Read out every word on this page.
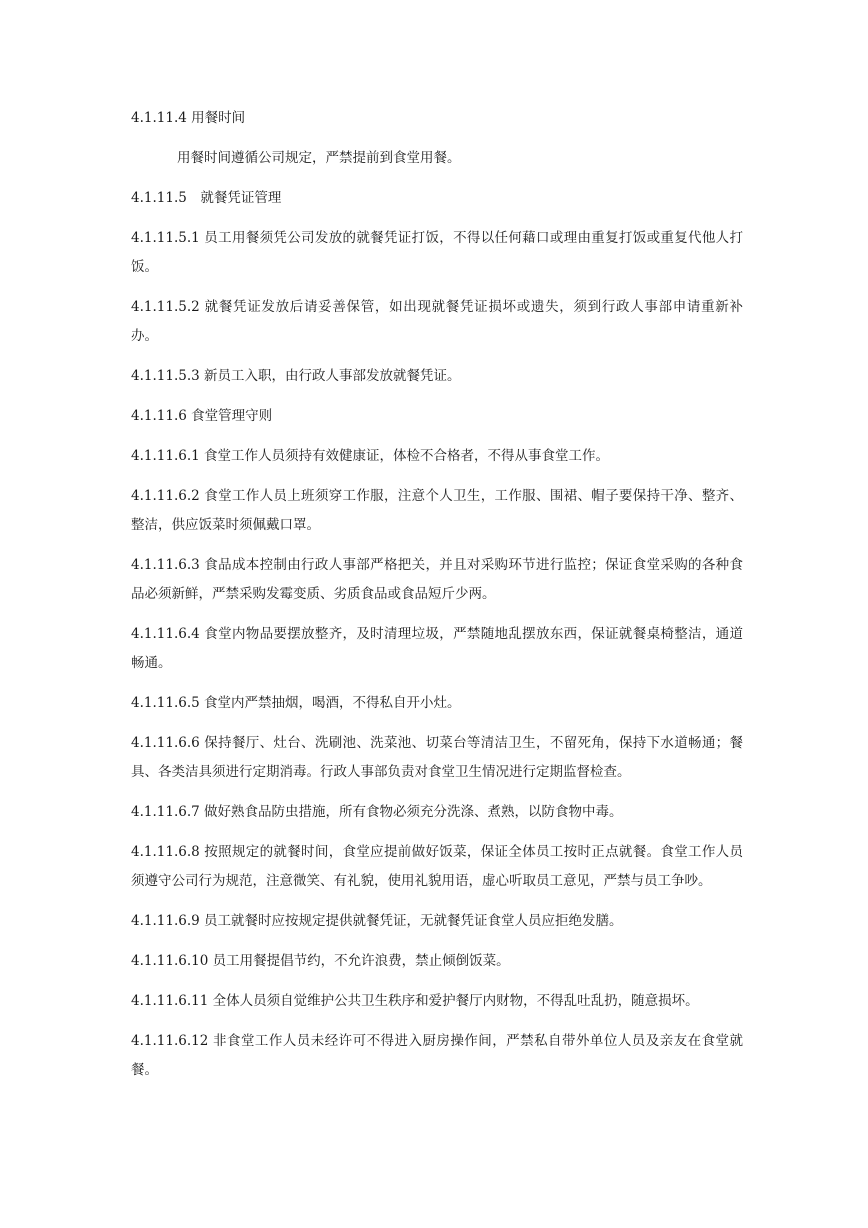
4.1.11.4 用餐时间

用餐时间遵循公司规定，严禁提前到食堂用餐。

4.1.11.5　就餐凭证管理

4.1.11.5.1 员工用餐须凭公司发放的就餐凭证打饭，不得以任何藉口或理由重复打饭或重复代他人打饭。

4.1.11.5.2 就餐凭证发放后请妥善保管，如出现就餐凭证损坏或遗失，须到行政人事部申请重新补办。

4.1.11.5.3 新员工入职，由行政人事部发放就餐凭证。

4.1.11.6 食堂管理守则

4.1.11.6.1 食堂工作人员须持有效健康证，体检不合格者，不得从事食堂工作。

4.1.11.6.2 食堂工作人员上班须穿工作服，注意个人卫生，工作服、围裙、帽子要保持干净、整齐、整洁，供应饭菜时须佩戴口罩。

4.1.11.6.3 食品成本控制由行政人事部严格把关，并且对采购环节进行监控；保证食堂采购的各种食品必须新鲜，严禁采购发霉变质、劣质食品或食品短斤少两。

4.1.11.6.4 食堂内物品要摆放整齐，及时清理垃圾，严禁随地乱摆放东西，保证就餐桌椅整洁，通道畅通。

4.1.11.6.5 食堂内严禁抽烟，喝酒，不得私自开小灶。

4.1.11.6.6 保持餐厅、灶台、洗刷池、洗菜池、切菜台等清洁卫生，不留死角，保持下水道畅通；餐具、各类洁具须进行定期消毒。行政人事部负责对食堂卫生情况进行定期监督检查。

4.1.11.6.7 做好熟食品防虫措施，所有食物必须充分洗涤、煮熟，以防食物中毒。

4.1.11.6.8 按照规定的就餐时间，食堂应提前做好饭菜，保证全体员工按时正点就餐。食堂工作人员须遵守公司行为规范，注意微笑、有礼貌，使用礼貌用语，虚心听取员工意见，严禁与员工争吵。

4.1.11.6.9 员工就餐时应按规定提供就餐凭证，无就餐凭证食堂人员应拒绝发膳。

4.1.11.6.10 员工用餐提倡节约，不允许浪费，禁止倾倒饭菜。

4.1.11.6.11 全体人员须自觉维护公共卫生秩序和爱护餐厅内财物，不得乱吐乱扔，随意损坏。

4.1.11.6.12 非食堂工作人员未经许可不得进入厨房操作间，严禁私自带外单位人员及亲友在食堂就餐。
